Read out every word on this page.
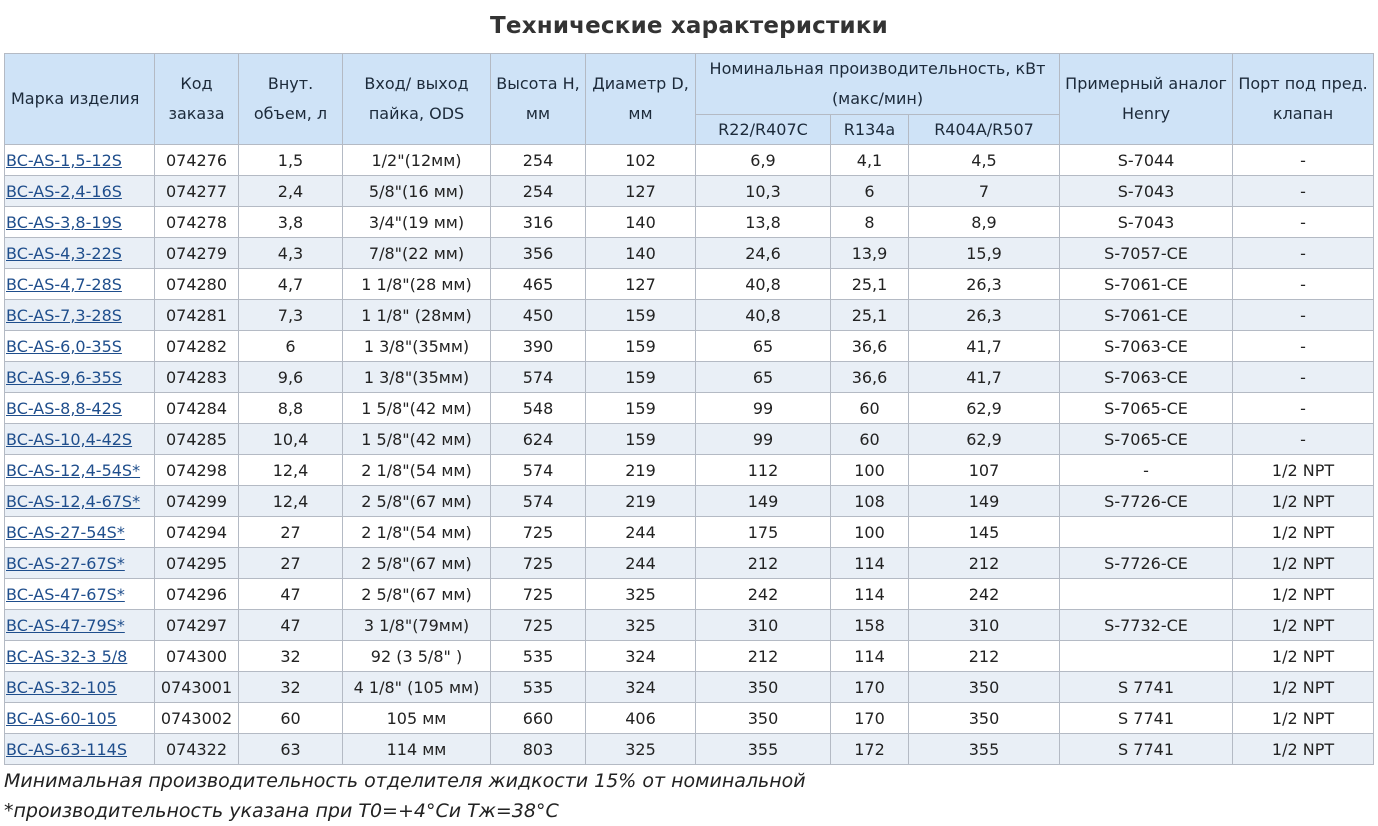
Технические характеристики
Марка изделия	Код заказа	Внут. объем, л	Вход/ выход пайка, ODS	Высота H, мм	Диаметр D, мм	Номинальная производительность, кВт (макс/мин)			Примерный аналог Henry	Порт под пред. клапан
						R22/R407C	R134a	R404A/R507		
BC-AS-1,5-12S	074276	1,5	1/2"(12мм)	254	102	6,9	4,1	4,5	S-7044	-
BC-AS-2,4-16S	074277	2,4	5/8"(16 мм)	254	127	10,3	6	7	S-7043	-
BC-AS-3,8-19S	074278	3,8	3/4"(19 мм)	316	140	13,8	8	8,9	S-7043	-
BC-AS-4,3-22S	074279	4,3	7/8"(22 мм)	356	140	24,6	13,9	15,9	S-7057-CE	-
BC-AS-4,7-28S	074280	4,7	1 1/8"(28 мм)	465	127	40,8	25,1	26,3	S-7061-CE	-
BC-AS-7,3-28S	074281	7,3	1 1/8" (28мм)	450	159	40,8	25,1	26,3	S-7061-CE	-
BC-AS-6,0-35S	074282	6	1 3/8"(35мм)	390	159	65	36,6	41,7	S-7063-CE	-
BC-AS-9,6-35S	074283	9,6	1 3/8"(35мм)	574	159	65	36,6	41,7	S-7063-CE	-
BC-AS-8,8-42S	074284	8,8	1 5/8"(42 мм)	548	159	99	60	62,9	S-7065-CE	-
BC-AS-10,4-42S	074285	10,4	1 5/8"(42 мм)	624	159	99	60	62,9	S-7065-CE	-
BC-AS-12,4-54S*	074298	12,4	2 1/8"(54 мм)	574	219	112	100	107	-	1/2 NPT
BC-AS-12,4-67S*	074299	12,4	2 5/8"(67 мм)	574	219	149	108	149	S-7726-CE	1/2 NPT
BC-AS-27-54S*	074294	27	2 1/8"(54 мм)	725	244	175	100	145		1/2 NPT
BC-AS-27-67S*	074295	27	2 5/8"(67 мм)	725	244	212	114	212	S-7726-CE	1/2 NPT
BC-AS-47-67S*	074296	47	2 5/8"(67 мм)	725	325	242	114	242		1/2 NPT
BC-AS-47-79S*	074297	47	3 1/8"(79мм)	725	325	310	158	310	S-7732-CE	1/2 NPT
BC-AS-32-3 5/8	074300	32	92 (3 5/8" )	535	324	212	114	212		1/2 NPT
BC-AS-32-105	0743001	32	4 1/8" (105 мм)	535	324	350	170	350	S 7741	1/2 NPT
BC-AS-60-105	0743002	60	105 мм	660	406	350	170	350	S 7741	1/2 NPT
BC-AS-63-114S	074322	63	114 мм	803	325	355	172	355	S 7741	1/2 NPT
Минимальная производительность отделителя жидкости 15% от номинальной
*производительность указана при Т0=+4°Си Тж=38°С
